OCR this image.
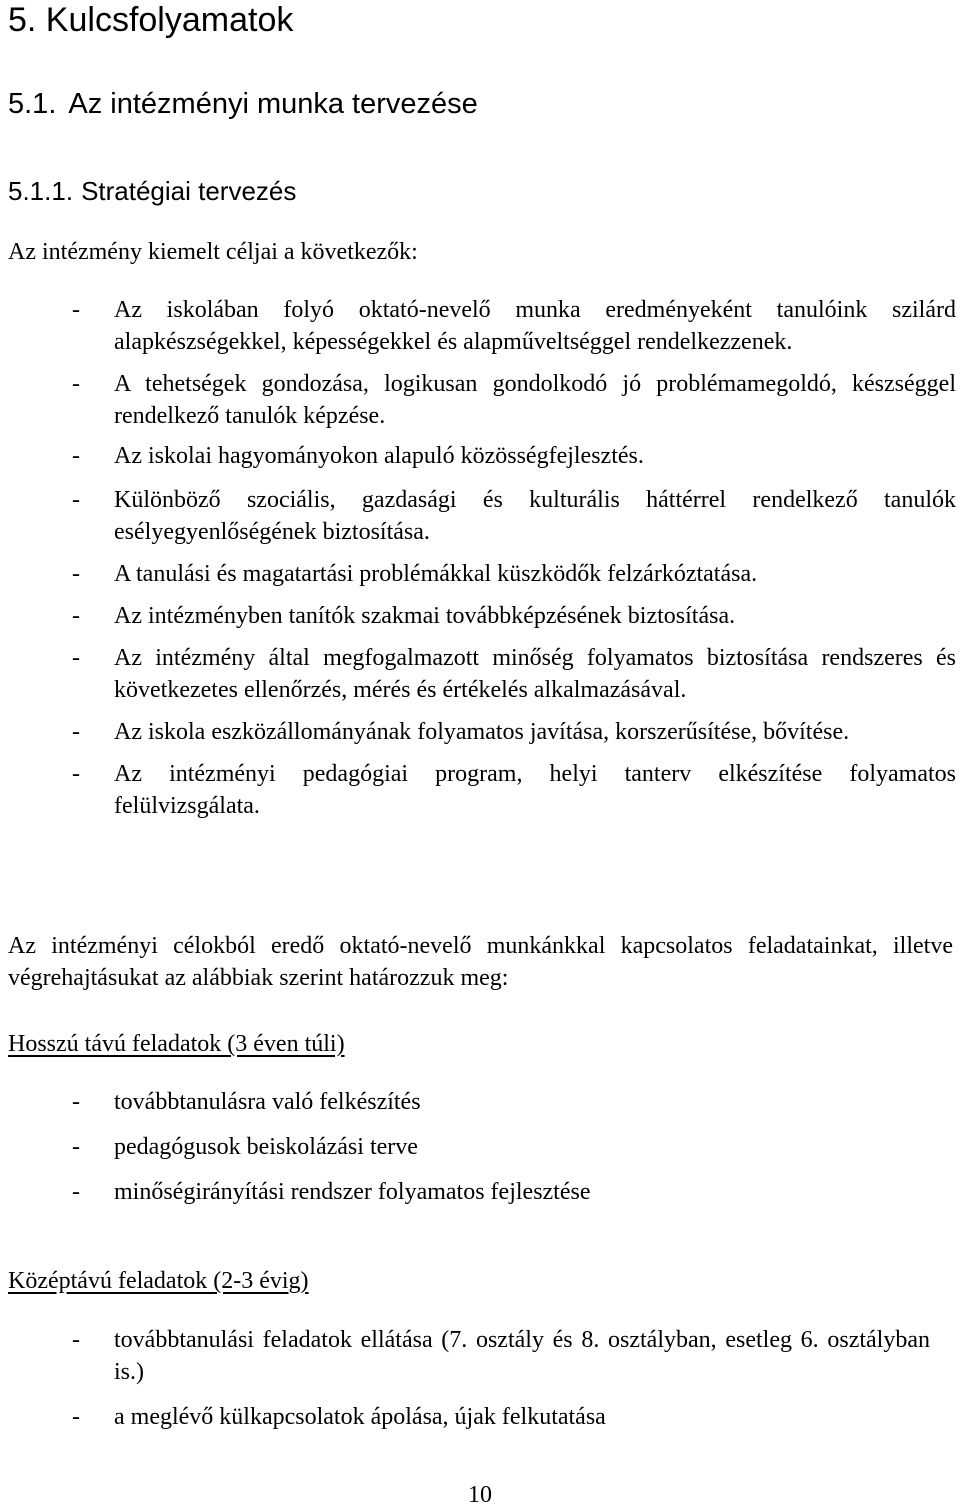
5. Kulcsfolyamatok
5.1. Az intézményi munka tervezése
5.1.1. Stratégiai tervezés
Az intézmény kiemelt céljai a következők:
- Az iskolában folyó oktató-nevelő munka eredményeként tanulóink szilárd alapkészségekkel, képességekkel és alapműveltséggel rendelkezzenek.
- A tehetségek gondozása, logikusan gondolkodó jó problémamegoldó, készséggel rendelkező tanulók képzése.
- Az iskolai hagyományokon alapuló közösségfejlesztés.
- Különböző szociális, gazdasági és kulturális háttérrel rendelkező tanulók esélyegyenlőségének biztosítása.
- A tanulási és magatartási problémákkal küszködők felzárkóztatása.
- Az intézményben tanítók szakmai továbbképzésének biztosítása.
- Az intézmény által megfogalmazott minőség folyamatos biztosítása rendszeres és következetes ellenőrzés, mérés és értékelés alkalmazásával.
- Az iskola eszközállományának folyamatos javítása, korszerűsítése, bővítése.
- Az intézményi pedagógiai program, helyi tanterv elkészítése folyamatos felülvizsgálata.
Az intézményi célokból eredő oktató-nevelő munkánkkal kapcsolatos feladatainkat, illetve végrehajtásukat az alábbiak szerint határozzuk meg:
Hosszú távú feladatok (3 éven túli)
- továbbtanulásra való felkészítés
- pedagógusok beiskolázási terve
- minőségirányítási rendszer folyamatos fejlesztése
Középtávú feladatok (2-3 évig)
- továbbtanulási feladatok ellátása (7. osztály és 8. osztályban, esetleg 6. osztályban is.)
- a meglévő külkapcsolatok ápolása, újak felkutatása
10
